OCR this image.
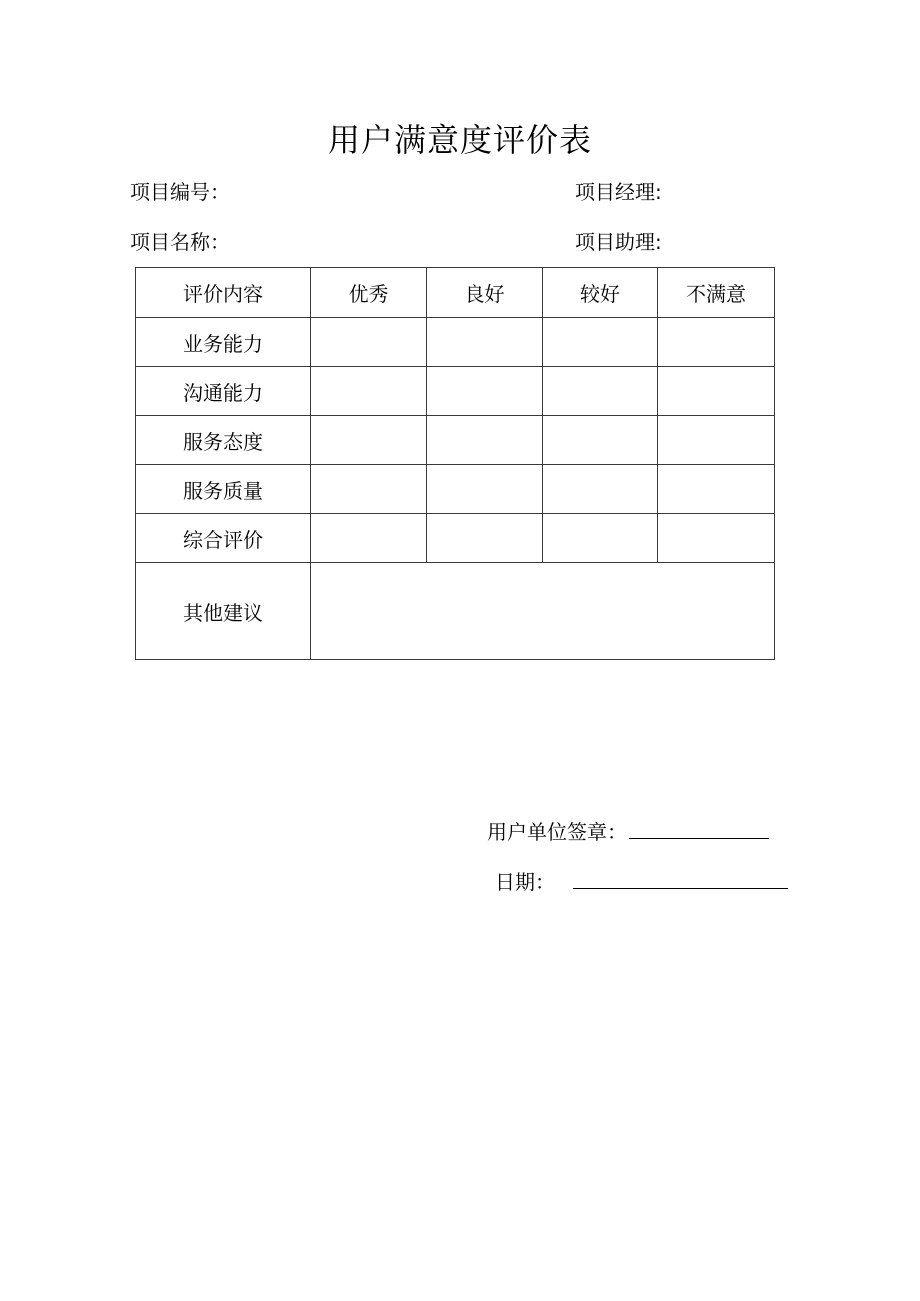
用户满意度评价表
项目编号：	项目经理:
项目名称：	项目助理:
评价内容	优秀	良好	较好	不满意
业务能力				
沟通能力				
服务态度				
服务质量				
综合评价				
其他建议				
用户单位签章：
日期：
